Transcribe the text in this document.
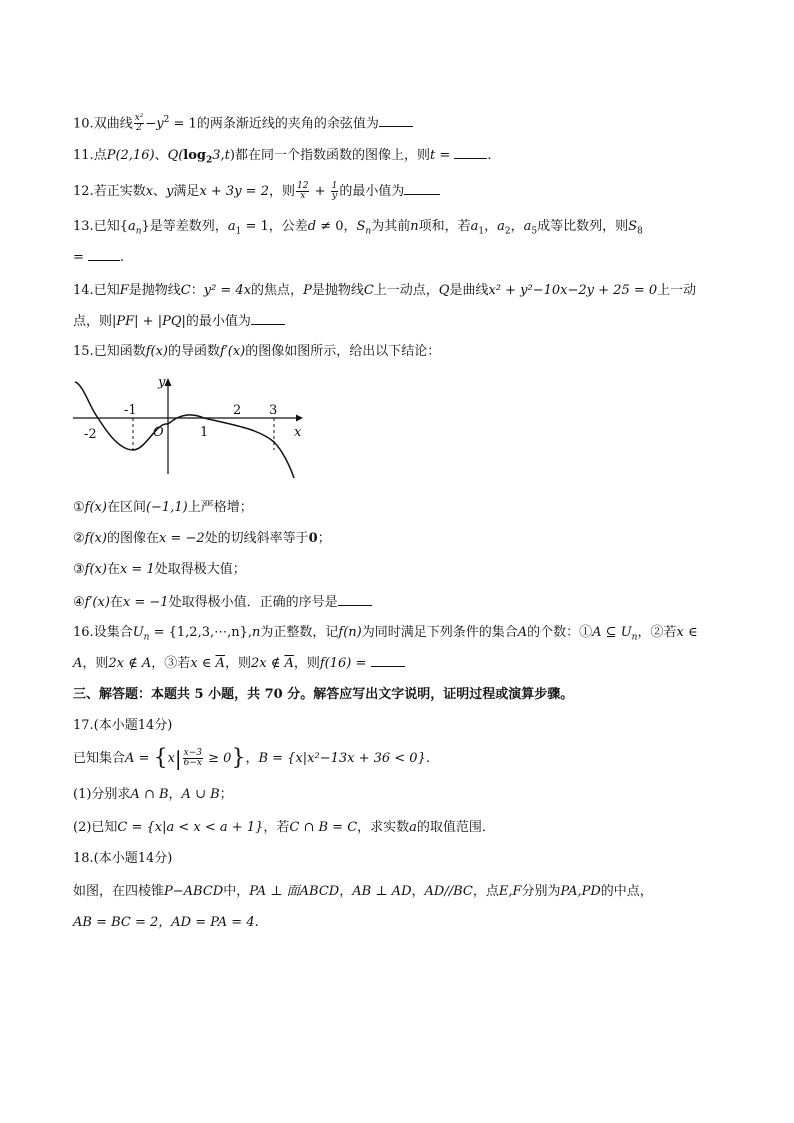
10.双曲线 $\frac{\text{x²}}{2} -y^2 = 1$的两条渐近线的夹角的余弦值为
11.点P(2,16)、$Q(\log_23,t)$都在同一个指数函数的图像上，则t =	.
12.若正实数x、y满足x + 3y = 2，则 $\frac{12}{x} + \frac{1}{y}$ 的最小值为
13.已知$\{a_n\}$是等差数列，$a_1 = 1$，公差d ≠ 0，$S_n$为其前n项和，若$a_1$，$a_2$，$a_5$成等比数列，则$S_8$
= .
14.已知F是抛物线C：y² = 4x的焦点，P是抛物线C上一动点，Q是曲线x² + y²−10x−2y + 25 = 0上一动
点，则|PF| + |PQ|的最小值为
15.已知函数f(x)的导函数f′(x)的图像如图所示，给出以下结论：
y
x
O
-2
-1
1
2 3
①f(x)在区间(−1,1)上严格增；
②f(x)的图像在x = −2处的切线斜率等于0；
③f(x)在x = 1处取得极大值；
④f′(x)在x = −1处取得极小值．正确的序号是
16.设集合$U_n$ = {1,2,3,⋯,n},n为正整数，记f(n)为同时满足下列条件的集合A的个数：①A ⊆ $U_n$，②若x ∈
A，则2x ∉ A，③若x ∈ $\overline{A}$，则2x ∉ $\overline{A}$，则f(16) =
三、解答题：本题共 5 小题，共 70 分。解答应写出文字说明，证明过程或演算步骤。
17.(本小题14分)
已知集合$A = \{x| \frac{x-3}{6-x} \ge 0\}$，B = {x|x²−13x + 36 < 0}.
(1)分别求A ∩ B，A ∪ B；
(2)已知C = {x|a < x < a + 1}，若C ∩ B = C，求实数a的取值范围．
18.(本小题14分)
如图，在四棱锥P−ABCD中，PA ⊥ 面ABCD，AB ⊥ AD，AD//BC，点E,F分别为PA,PD的中点，
AB = BC = 2，AD = PA = 4.
